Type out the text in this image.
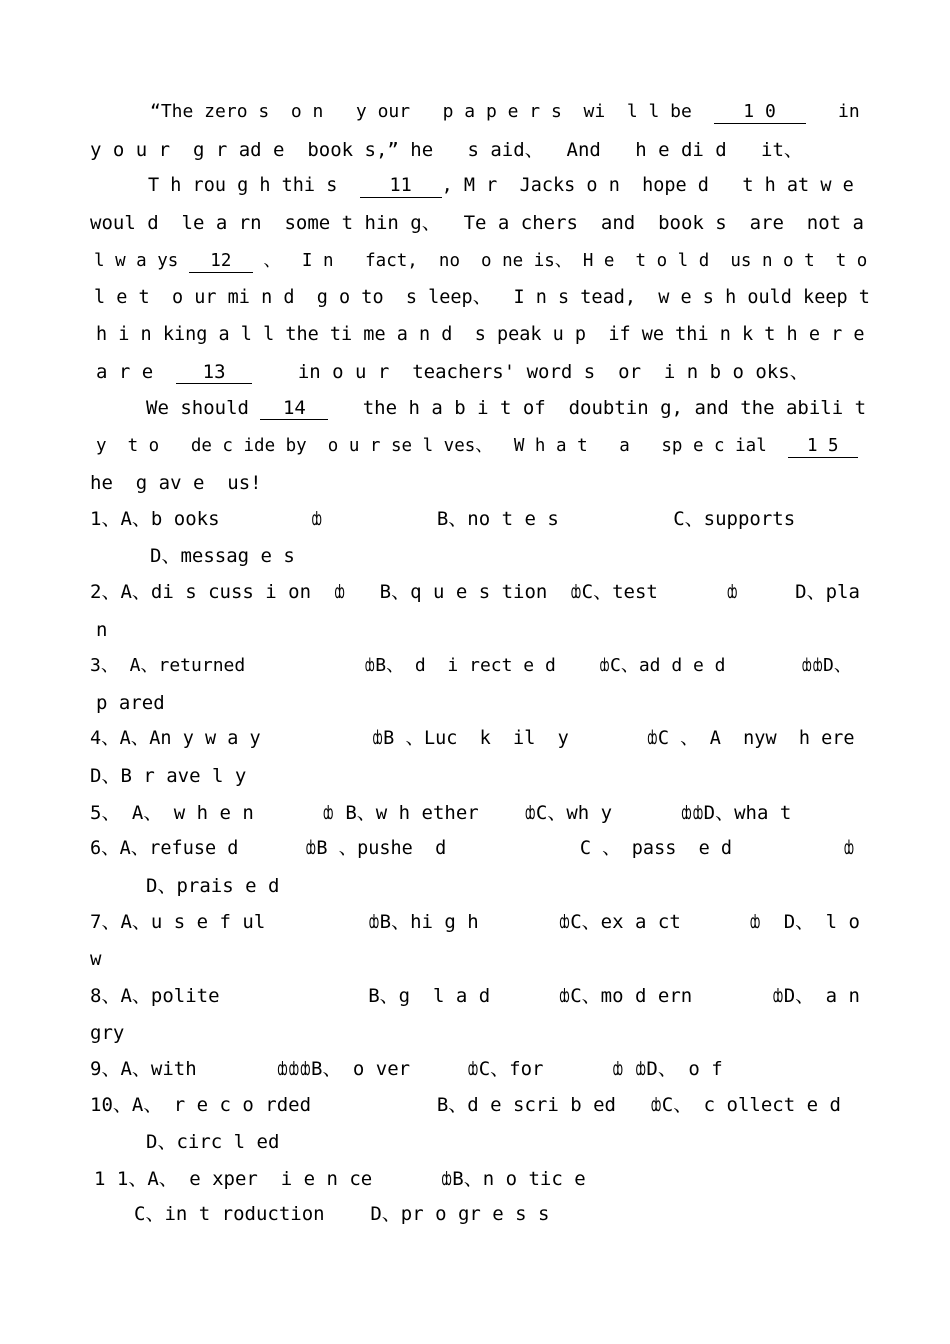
“The zero s  o n   y our   p a p e r s  wi  l l be  1 0   in
y o u r  g r ad e  book s,” he   s aid、  And   h e di d   it、
T h rou g h thi s  11 , M r  Jacks o n  hope d   t h at w e
woul d  le a rn  some t hin g、  Te a chers  and  book s  are  not a
l w a ys 12 、  I n   fact,  no  o ne is、 H e  t o l d  us n o t  t o
l e t  o ur mi n d  g o to  s leep、  I n s tead,  w e s h ould keep t
h i n king a l l the ti me a n d  s peak u p  if we thi n k t h e r e
a r e  13    in o u r  teachers' word s  or  i n b o oks、
We should 14   the h a b i t of  doubtin g, and the abili t
y  t o   de c ide by  o u r se l ves、  W h a t   a   sp e c ial  1 5
he  g av e  us!
1、A、b ooks        ȸ          B、no t e s          C、supports
D、messag e s
2、A、di s cuss i on  ȸ   B、q u e s tion  ȸC、test      ȸ     D、pla
n
3、 A、returned           ȸB、 d  i rect e d    ȸC、ad d e d       ȸȸD、
p ared
4、A、An y w a y          ȸB 、Luc  k  il  y       ȸC 、 A  nyw  h ere
D、B r ave l y
5、 A、 w h e n      ȸ B、w h ether    ȸC、wh y      ȸȸD、wha t
6、A、refuse d      ȸB 、pushe  d            C 、 pass  e d          ȸ
D、prais e d
7、A、u s e f ul         ȸB、hi g h       ȸC、ex a ct      ȸ  D、 l o
w
8、A、polite             B、g  l a d      ȸC、mo d ern       ȸD、 a n
gry
9、A、with       ȸȸȸB、 o ver     ȸC、for      ȸ ȸD、 o f
10、A、 r e c o rded           B、d e scri b ed   ȸC、 c ollect e d
D、circ l ed
1 1、A、 e xper  i e n ce      ȸB、n o tic e
C、in t roduction    D、pr o gr e s s
